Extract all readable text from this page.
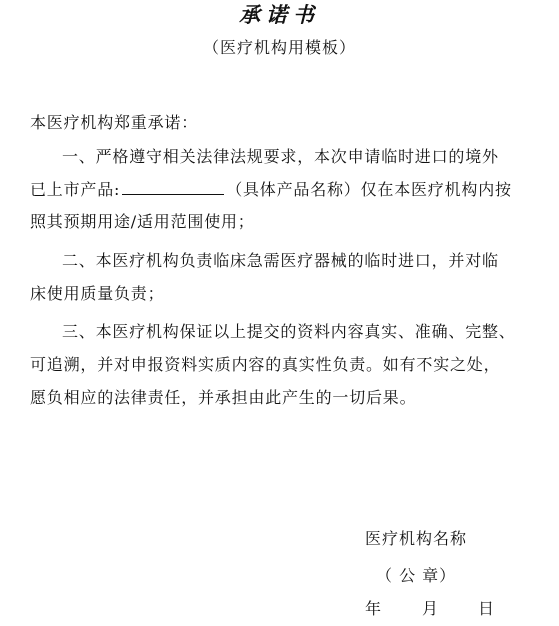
承诺书
（医疗机构用模板）
本医疗机构郑重承诺：
一、严格遵守相关法律法规要求，本次申请临时进口的境外
已上市产品:	（具体产品名称）仅在本医疗机构内按
照其预期用途/适用范围使用；
二、本医疗机构负责临床急需医疗器械的临时进口，并对临
床使用质量负责；
三、本医疗机构保证以上提交的资料内容真实、准确、完整、
可追溯，并对申报资料实质内容的真实性负责。如有不实之处，
愿负相应的法律责任，并承担由此产生的一切后果。
医疗机构名称
（ 公 章）
年 月 日
